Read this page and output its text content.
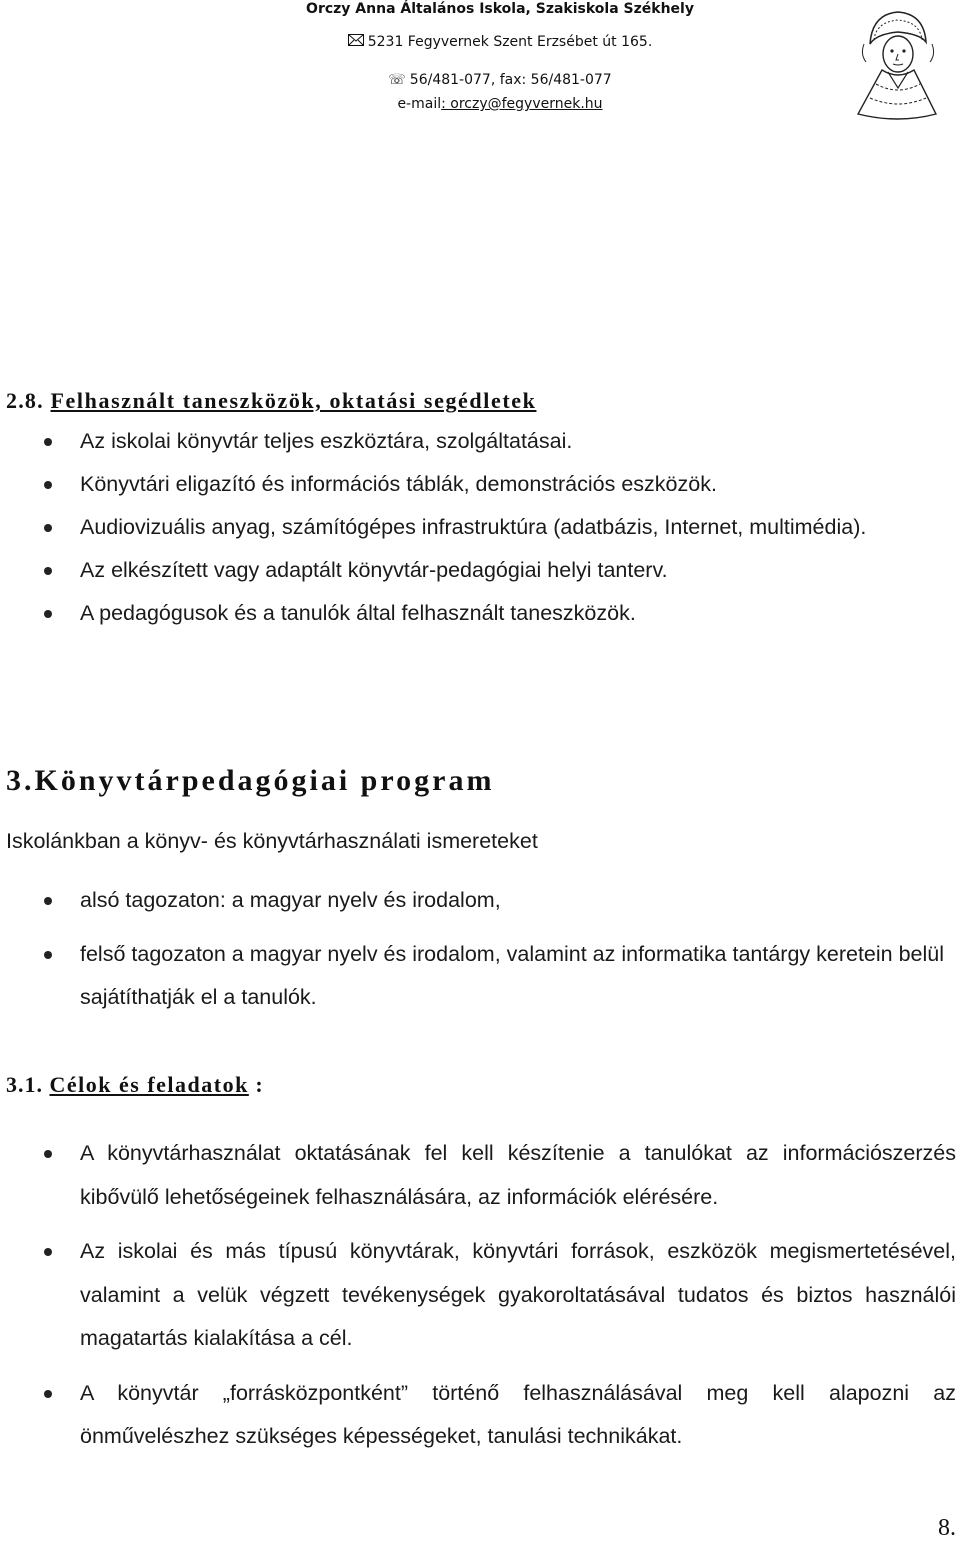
Orczy Anna Általános Iskola, Szakiskola Székhely
5231 Fegyvernek Szent Erzsébet út 165.
☏ 56/481-077, fax: 56/481-077
e-mail: orczy@fegyvernek.hu
2.8. Felhasznált taneszközök, oktatási segédletek
Az iskolai könyvtár teljes eszköztára, szolgáltatásai.
Könyvtári eligazító és információs táblák, demonstrációs eszközök.
Audiovizuális anyag, számítógépes infrastruktúra (adatbázis, Internet, multimédia).
Az elkészített vagy adaptált könyvtár-pedagógiai helyi tanterv.
A pedagógusok és a tanulók által felhasznált taneszközök.
3.Könyvtárpedagógiai program
Iskolánkban a könyv- és könyvtárhasználati ismereteket
alsó tagozaton: a magyar nyelv és irodalom,
felső tagozaton a magyar nyelv és irodalom, valamint az informatika tantárgy keretein belül sajátíthatják el a tanulók.
3.1. Célok és feladatok :
A könyvtárhasználat oktatásának fel kell készítenie a tanulókat az információszerzés kibővülő lehetőségeinek felhasználására, az információk elérésére.
Az iskolai és más típusú könyvtárak, könyvtári források, eszközök megismertetésével, valamint a velük végzett tevékenységek gyakoroltatásával tudatos és biztos használói magatartás kialakítása a cél.
A könyvtár „forrásközpontként” történő felhasználásával meg kell alapozni az önművelészhez szükséges képességeket, tanulási technikákat.
8.
